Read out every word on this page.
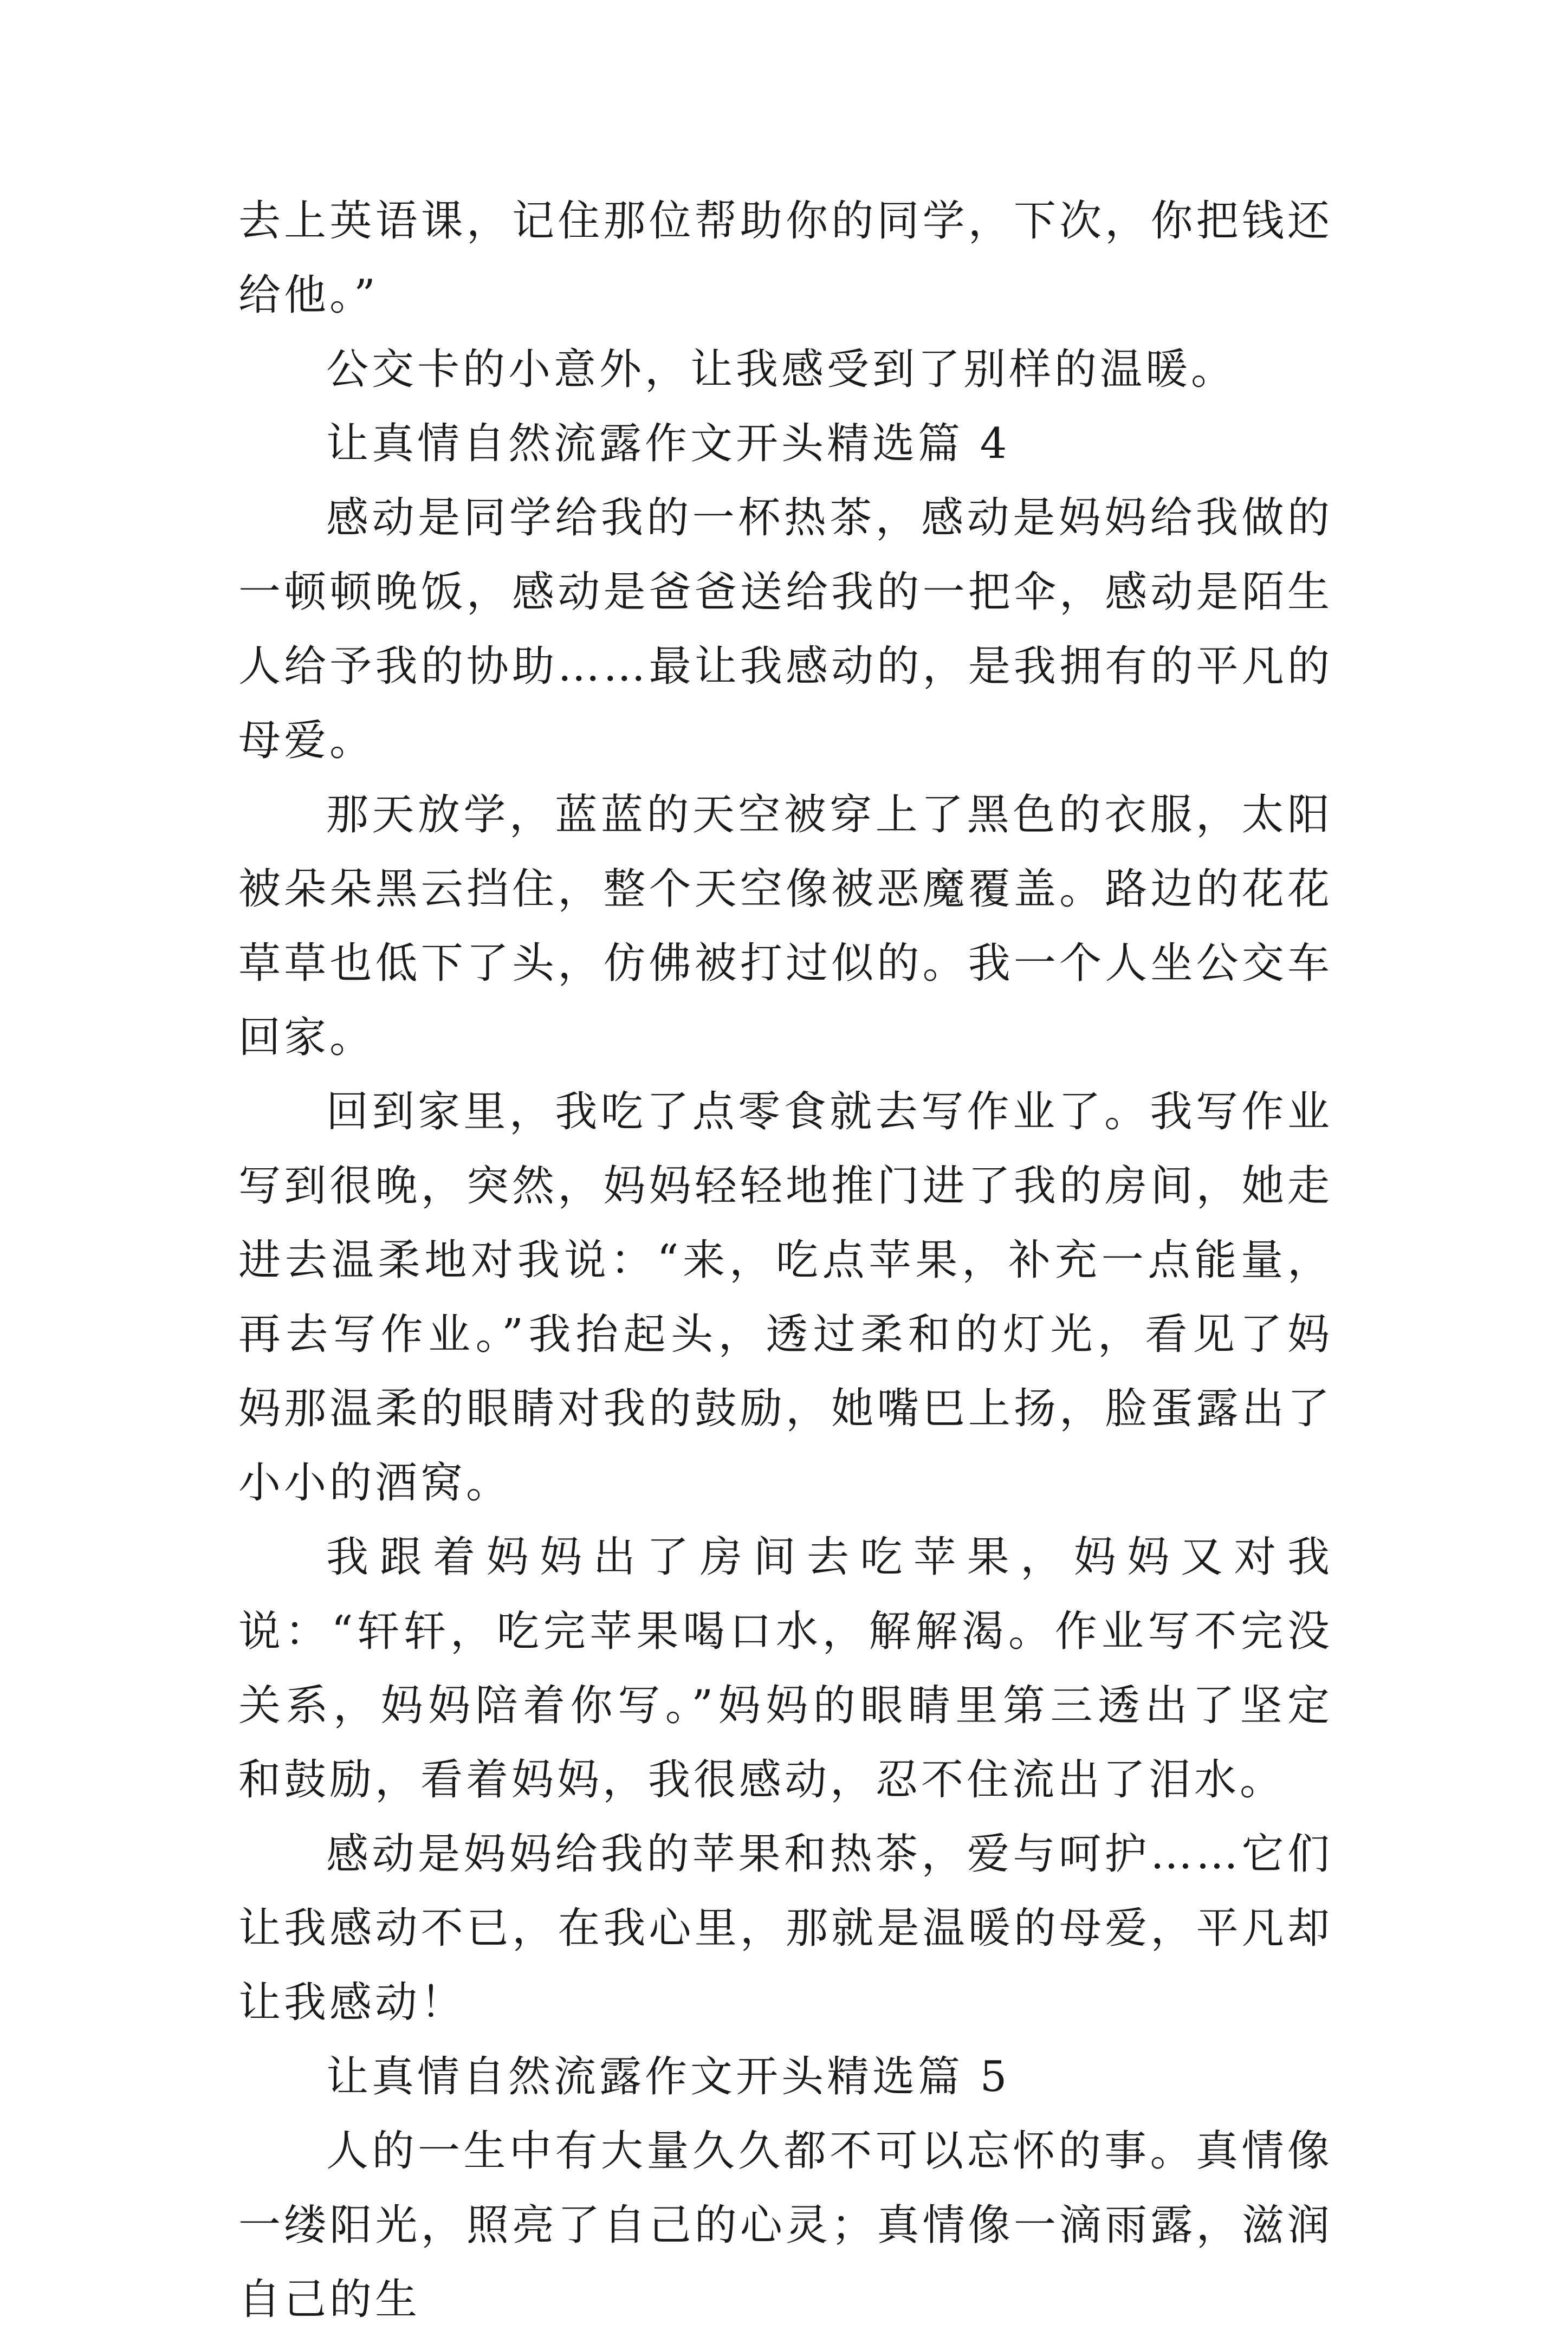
去上英语课，记住那位帮助你的同学，下次，你把钱还给他。”

公交卡的小意外，让我感受到了别样的温暖。

让真情自然流露作文开头精选篇 4

感动是同学给我的一杯热茶，感动是妈妈给我做的一顿顿晚饭，感动是爸爸送给我的一把伞，感动是陌生人给予我的协助……最让我感动的，是我拥有的平凡的母爱。

那天放学，蓝蓝的天空被穿上了黑色的衣服，太阳被朵朵黑云挡住，整个天空像被恶魔覆盖。路边的花花草草也低下了头，仿佛被打过似的。我一个人坐公交车回家。

回到家里，我吃了点零食就去写作业了。我写作业写到很晚，突然，妈妈轻轻地推门进了我的房间，她走进去温柔地对我说：“来，吃点苹果，补充一点能量，再去写作业。”我抬起头，透过柔和的灯光，看见了妈妈那温柔的眼睛对我的鼓励，她嘴巴上扬，脸蛋露出了小小的酒窝。

我跟着妈妈出了房间去吃苹果，妈妈又对我说：“轩轩，吃完苹果喝口水，解解渴。作业写不完没关系，妈妈陪着你写。”妈妈的眼睛里第三透出了坚定和鼓励，看着妈妈，我很感动，忍不住流出了泪水。

感动是妈妈给我的苹果和热茶，爱与呵护……它们让我感动不已，在我心里，那就是温暖的母爱，平凡却让我感动！

让真情自然流露作文开头精选篇 5

人的一生中有大量久久都不可以忘怀的事。真情像一缕阳光，照亮了自己的心灵；真情像一滴雨露，滋润自己的生
